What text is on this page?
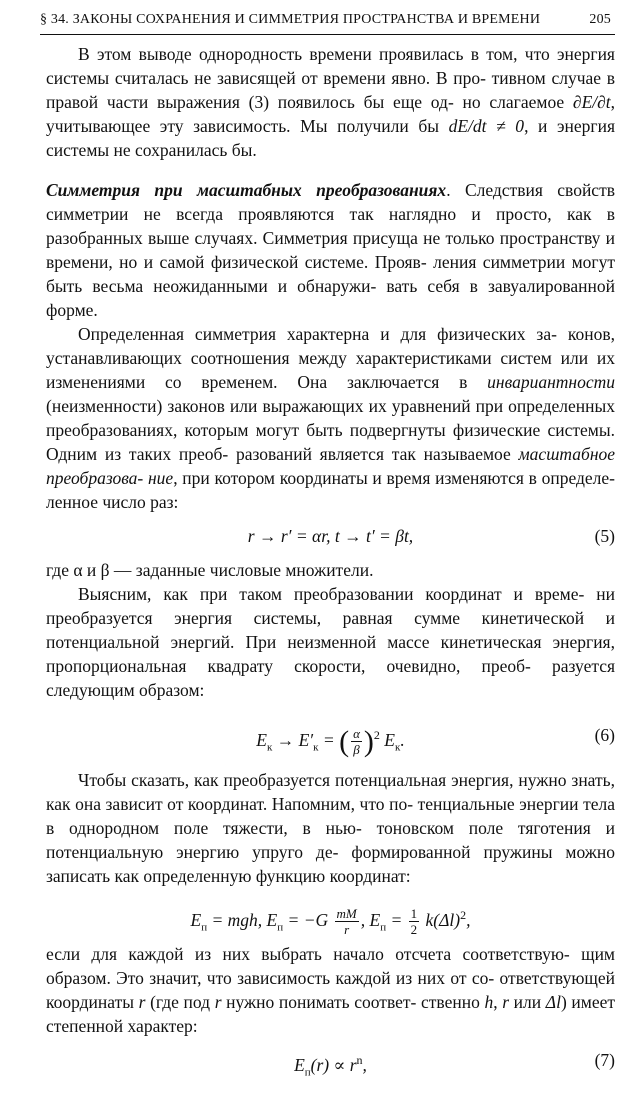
§ 34. ЗАКОНЫ СОХРАНЕНИЯ И СИММЕТРИЯ ПРОСТРАНСТВА И ВРЕМЕНИ	205

В этом выводе однородность времени проявилась в том, что энергия системы считалась не зависящей от времени явно. В про- тивном случае в правой части выражения (3) появилось бы еще од- но слагаемое ∂E/∂t, учитывающее эту зависимость. Мы получили бы dE/dt ≠ 0, и энергия системы не сохранилась бы.

Симметрия при масштабных преобразованиях. Следствия свойств симметрии не всегда проявляются так наглядно и просто, как в разобранных выше случаях. Симметрия присуща не только пространству и времени, но и самой физической системе. Прояв- ления симметрии могут быть весьма неожиданными и обнаружи- вать себя в завуалированной форме.

Определенная симметрия характерна и для физических за- конов, устанавливающих соотношения между характеристиками систем или их изменениями со временем. Она заключается в инвариантности (неизменности) законов или выражающих их уравнений при определенных преобразованиях, которым могут быть подвергнуты физические системы. Одним из таких преоб- разований является так называемое масштабное преобразова- ние, при котором координаты и время изменяются в определе- ленное число раз:

r → r′ = αr, t → t′ = βt,	(5)

где α и β — заданные числовые множители.

Выясним, как при таком преобразовании координат и време- ни преобразуется энергия системы, равная сумме кинетической и потенциальной энергий. При неизменной массе кинетическая энергия, пропорциональная квадрату скорости, очевидно, преоб- разуется следующим образом:

$E_к \to E'_к$ = ( $\frac{\alpha}{\beta} )^2$ $E_к$.	(6)

Чтобы сказать, как преобразуется потенциальная энергия, нужно знать, как она зависит от координат. Напомним, что по- тенциальные энергии тела в однородном поле тяжести, в нью- тоновском поле тяготения и потенциальную энергию упруго де- формированной пружины можно записать как определенную функцию координат:

$E_п$ = mgh, $E_п = -G \frac{mM}{r}$ , $E_п = \frac{1}{2} k(\Delta l)^2$,

если для каждой из них выбрать начало отсчета соответствую- щим образом. Это значит, что зависимость каждой из них от со- ответствующей координаты r (где под r нужно понимать соответ- ственно h, r или Δl) имеет степенной характер:

$E_п(r) \propto r^n$,	(7)
